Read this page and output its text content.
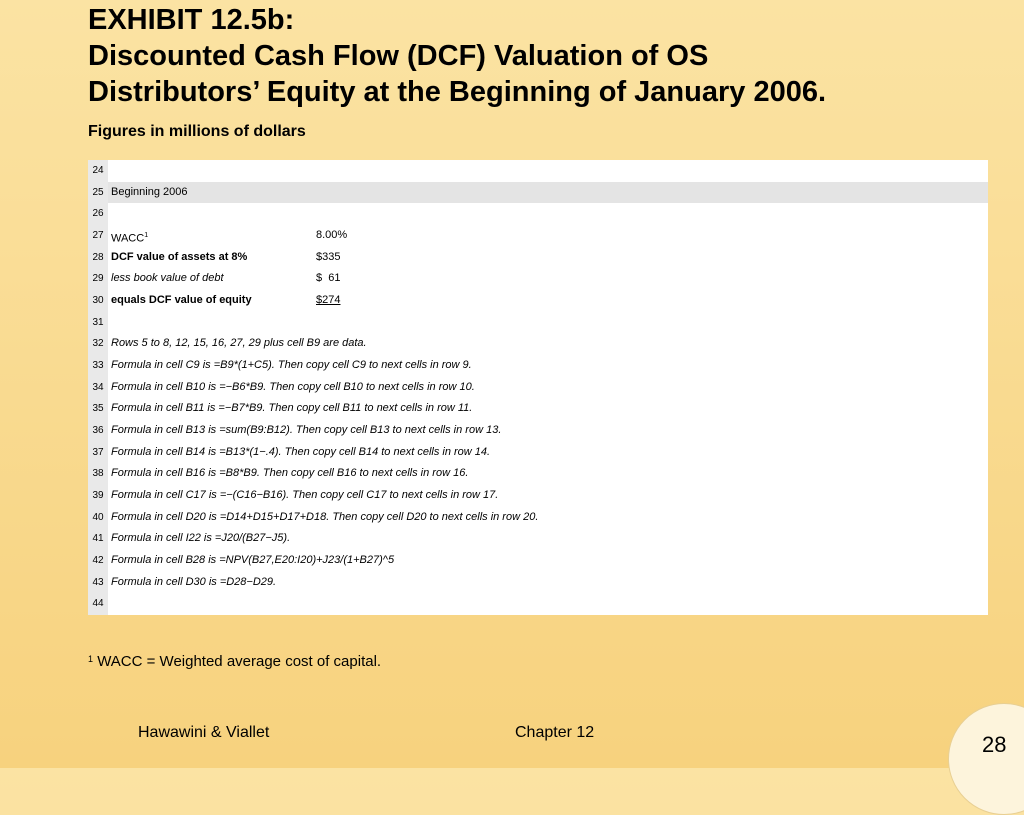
EXHIBIT 12.5b:
Discounted Cash Flow (DCF) Valuation of OS
Distributors’ Equity at the Beginning of January 2006.
Figures in millions of dollars
24
25 Beginning 2006
26
27 WACC$^1$	8.00%
28 DCF value of assets at 8%	$335
29 less book value of debt	$  61
30 equals DCF value of equity	$274
31
32 Rows 5 to 8, 12, 15, 16, 27, 29 plus cell B9 are data.
33 Formula in cell C9 is =B9*(1+C5). Then copy cell C9 to next cells in row 9.
34 Formula in cell B10 is =−B6*B9. Then copy cell B10 to next cells in row 10.
35 Formula in cell B11 is =−B7*B9. Then copy cell B11 to next cells in row 11.
36 Formula in cell B13 is =sum(B9:B12). Then copy cell B13 to next cells in row 13.
37 Formula in cell B14 is =B13*(1−.4). Then copy cell B14 to next cells in row 14.
38 Formula in cell B16 is =B8*B9. Then copy cell B16 to next cells in row 16.
39 Formula in cell C17 is =−(C16−B16). Then copy cell C17 to next cells in row 17.
40 Formula in cell D20 is =D14+D15+D17+D18. Then copy cell D20 to next cells in row 20.
41 Formula in cell I22 is =J20/(B27−J5).
42 Formula in cell B28 is =NPV(B27,E20:I20)+J23/(1+B27)^5
43 Formula in cell D30 is =D28−D29.
44
$^1$ WACC = Weighted average cost of capital.
Hawawini & Viallet	Chapter 12	28
